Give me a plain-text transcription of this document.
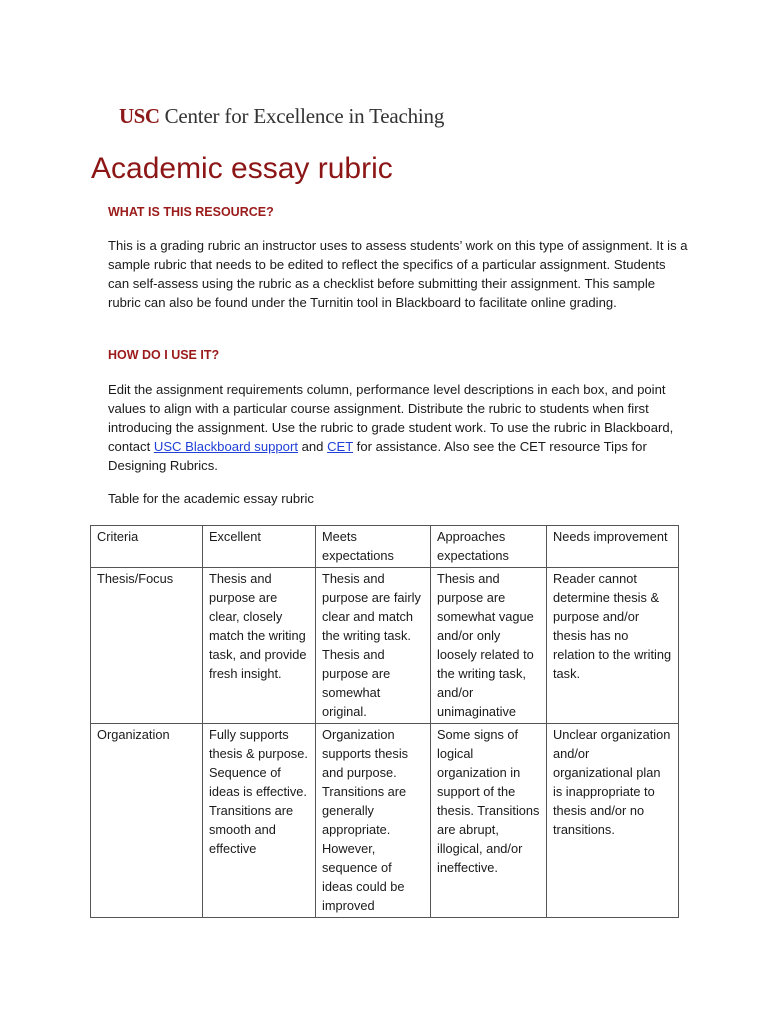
USC Center for Excellence in Teaching
Academic essay rubric
WHAT IS THIS RESOURCE?

This is a grading rubric an instructor uses to assess students’ work on this type of assignment. It is a sample rubric that needs to be edited to reflect the specifics of a particular assignment. Students can self-assess using the rubric as a checklist before submitting their assignment. This sample rubric can also be found under the Turnitin tool in Blackboard to facilitate online grading.

HOW DO I USE IT?

Edit the assignment requirements column, performance level descriptions in each box, and point values to align with a particular course assignment. Distribute the rubric to students when first introducing the assignment. Use the rubric to grade student work. To use the rubric in Blackboard, contact USC Blackboard support and CET for assistance. Also see the CET resource Tips for Designing Rubrics.

Table for the academic essay rubric

Criteria	Excellent	Meets expectations	Approaches expectations	Needs improvement
Thesis/Focus	Thesis and purpose are clear, closely match the writing task, and provide fresh insight.	Thesis and purpose are fairly clear and match the writing task. Thesis and purpose are somewhat original.	Thesis and purpose are somewhat vague and/or only loosely related to the writing task, and/or unimaginative	Reader cannot determine thesis & purpose and/or thesis has no relation to the writing task.
Organization	Fully supports thesis & purpose. Sequence of ideas is effective. Transitions are smooth and effective	Organization supports thesis and purpose. Transitions are generally appropriate. However, sequence of ideas could be improved	Some signs of logical organization in support of the thesis. Transitions are abrupt, illogical, and/or ineffective.	Unclear organization and/or organizational plan is inappropriate to thesis and/or no transitions.
